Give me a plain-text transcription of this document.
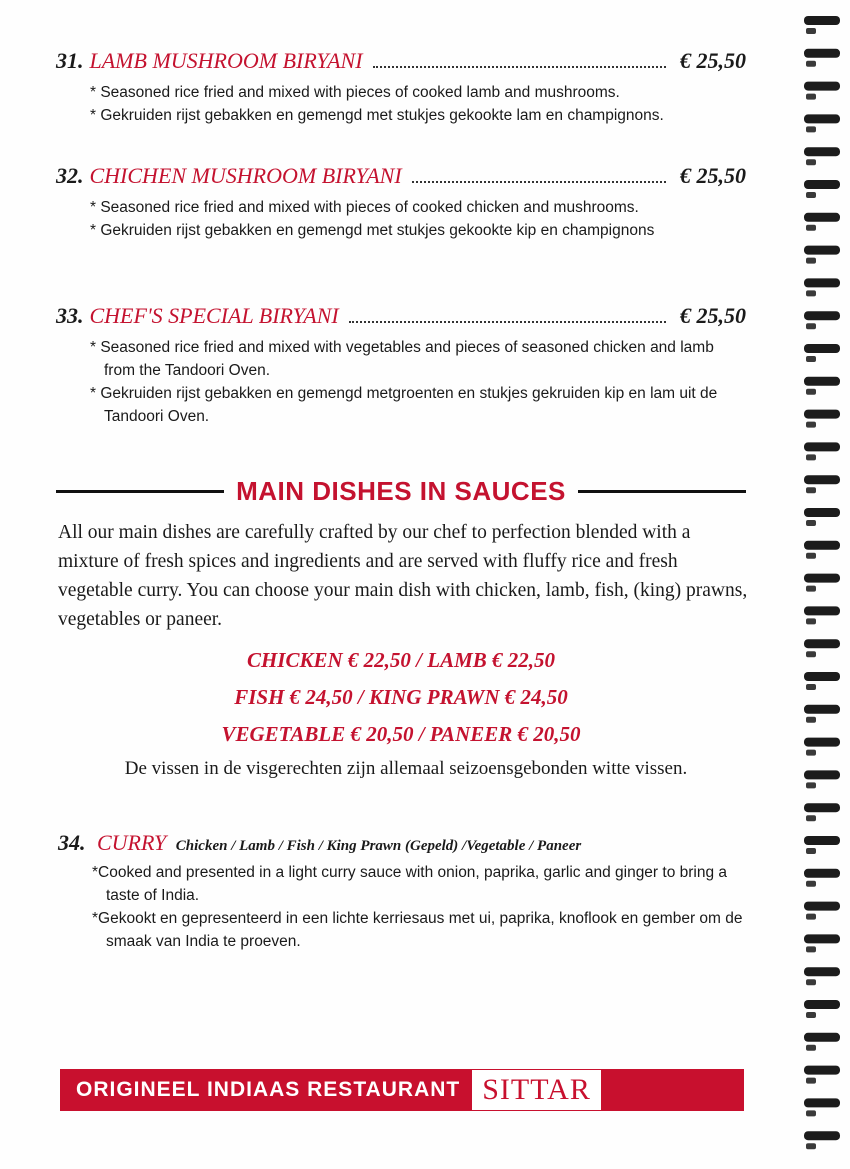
31. LAMB MUSHROOM BIRYANI	€ 25,50

* Seasoned rice fried and mixed with pieces of cooked lamb and mushrooms.

* Gekruiden rijst gebakken en gemengd met stukjes gekookte lam en champignons.

32. CHICHEN MUSHROOM BIRYANI	€ 25,50

* Seasoned rice fried and mixed with pieces of cooked chicken and mushrooms.

* Gekruiden rijst gebakken en gemengd met stukjes gekookte kip en champignons

33. CHEF'S SPECIAL BIRYANI	€ 25,50

* Seasoned rice fried and mixed with vegetables and pieces of seasoned chicken and lamb from the Tandoori Oven.

* Gekruiden rijst gebakken en gemengd metgroenten en stukjes gekruiden kip en lam uit de Tandoori Oven.

MAIN DISHES IN SAUCES

All our main dishes are carefully crafted by our chef to perfection blended with a mixture of fresh spices and ingredients and are served with fluffy rice and fresh vegetable curry. You can choose your main dish with chicken, lamb, fish, (king) prawns, vegetables or paneer.

CHICKEN € 22,50 / LAMB € 22,50
FISH € 24,50 / KING PRAWN € 24,50
VEGETABLE € 20,50 / PANEER € 20,50

De vissen in de visgerechten zijn allemaal seizoensgebonden witte vissen.

34. CURRY Chicken / Lamb / Fish / King Prawn (Gepeld) /Vegetable / Paneer

*Cooked and presented in a light curry sauce with onion, paprika, garlic and ginger to bring a taste of India.

*Gekookt en gepresenteerd in een lichte kerriesaus met ui, paprika, knoflook en gember om de smaak van India te proeven.

ORIGINEEL INDIAAS RESTAURANT SITTAR
